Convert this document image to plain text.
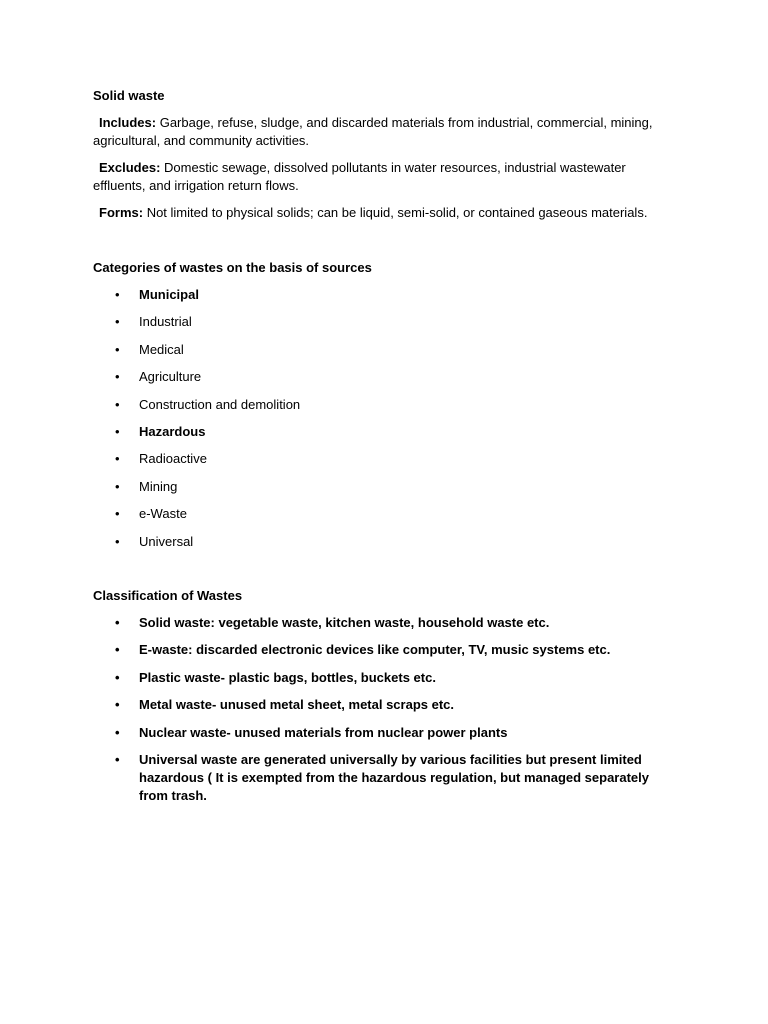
Solid waste
Includes: Garbage, refuse, sludge, and discarded materials from industrial, commercial, mining, agricultural, and community activities.
Excludes: Domestic sewage, dissolved pollutants in water resources, industrial wastewater effluents, and irrigation return flows.
Forms: Not limited to physical solids; can be liquid, semi-solid, or contained gaseous materials.
Categories of wastes on the basis of sources
• Municipal
• Industrial
• Medical
• Agriculture
• Construction and demolition
• Hazardous
• Radioactive
• Mining
• e-Waste
• Universal
Classification of Wastes
• Solid waste: vegetable waste, kitchen waste, household waste etc.
• E-waste: discarded electronic devices like computer, TV, music systems etc.
• Plastic waste- plastic bags, bottles, buckets etc.
• Metal waste- unused metal sheet, metal scraps etc.
• Nuclear waste- unused materials from nuclear power plants
• Universal waste are generated universally by various facilities but present limited hazardous ( It is exempted from the hazardous regulation, but managed separately from trash.
